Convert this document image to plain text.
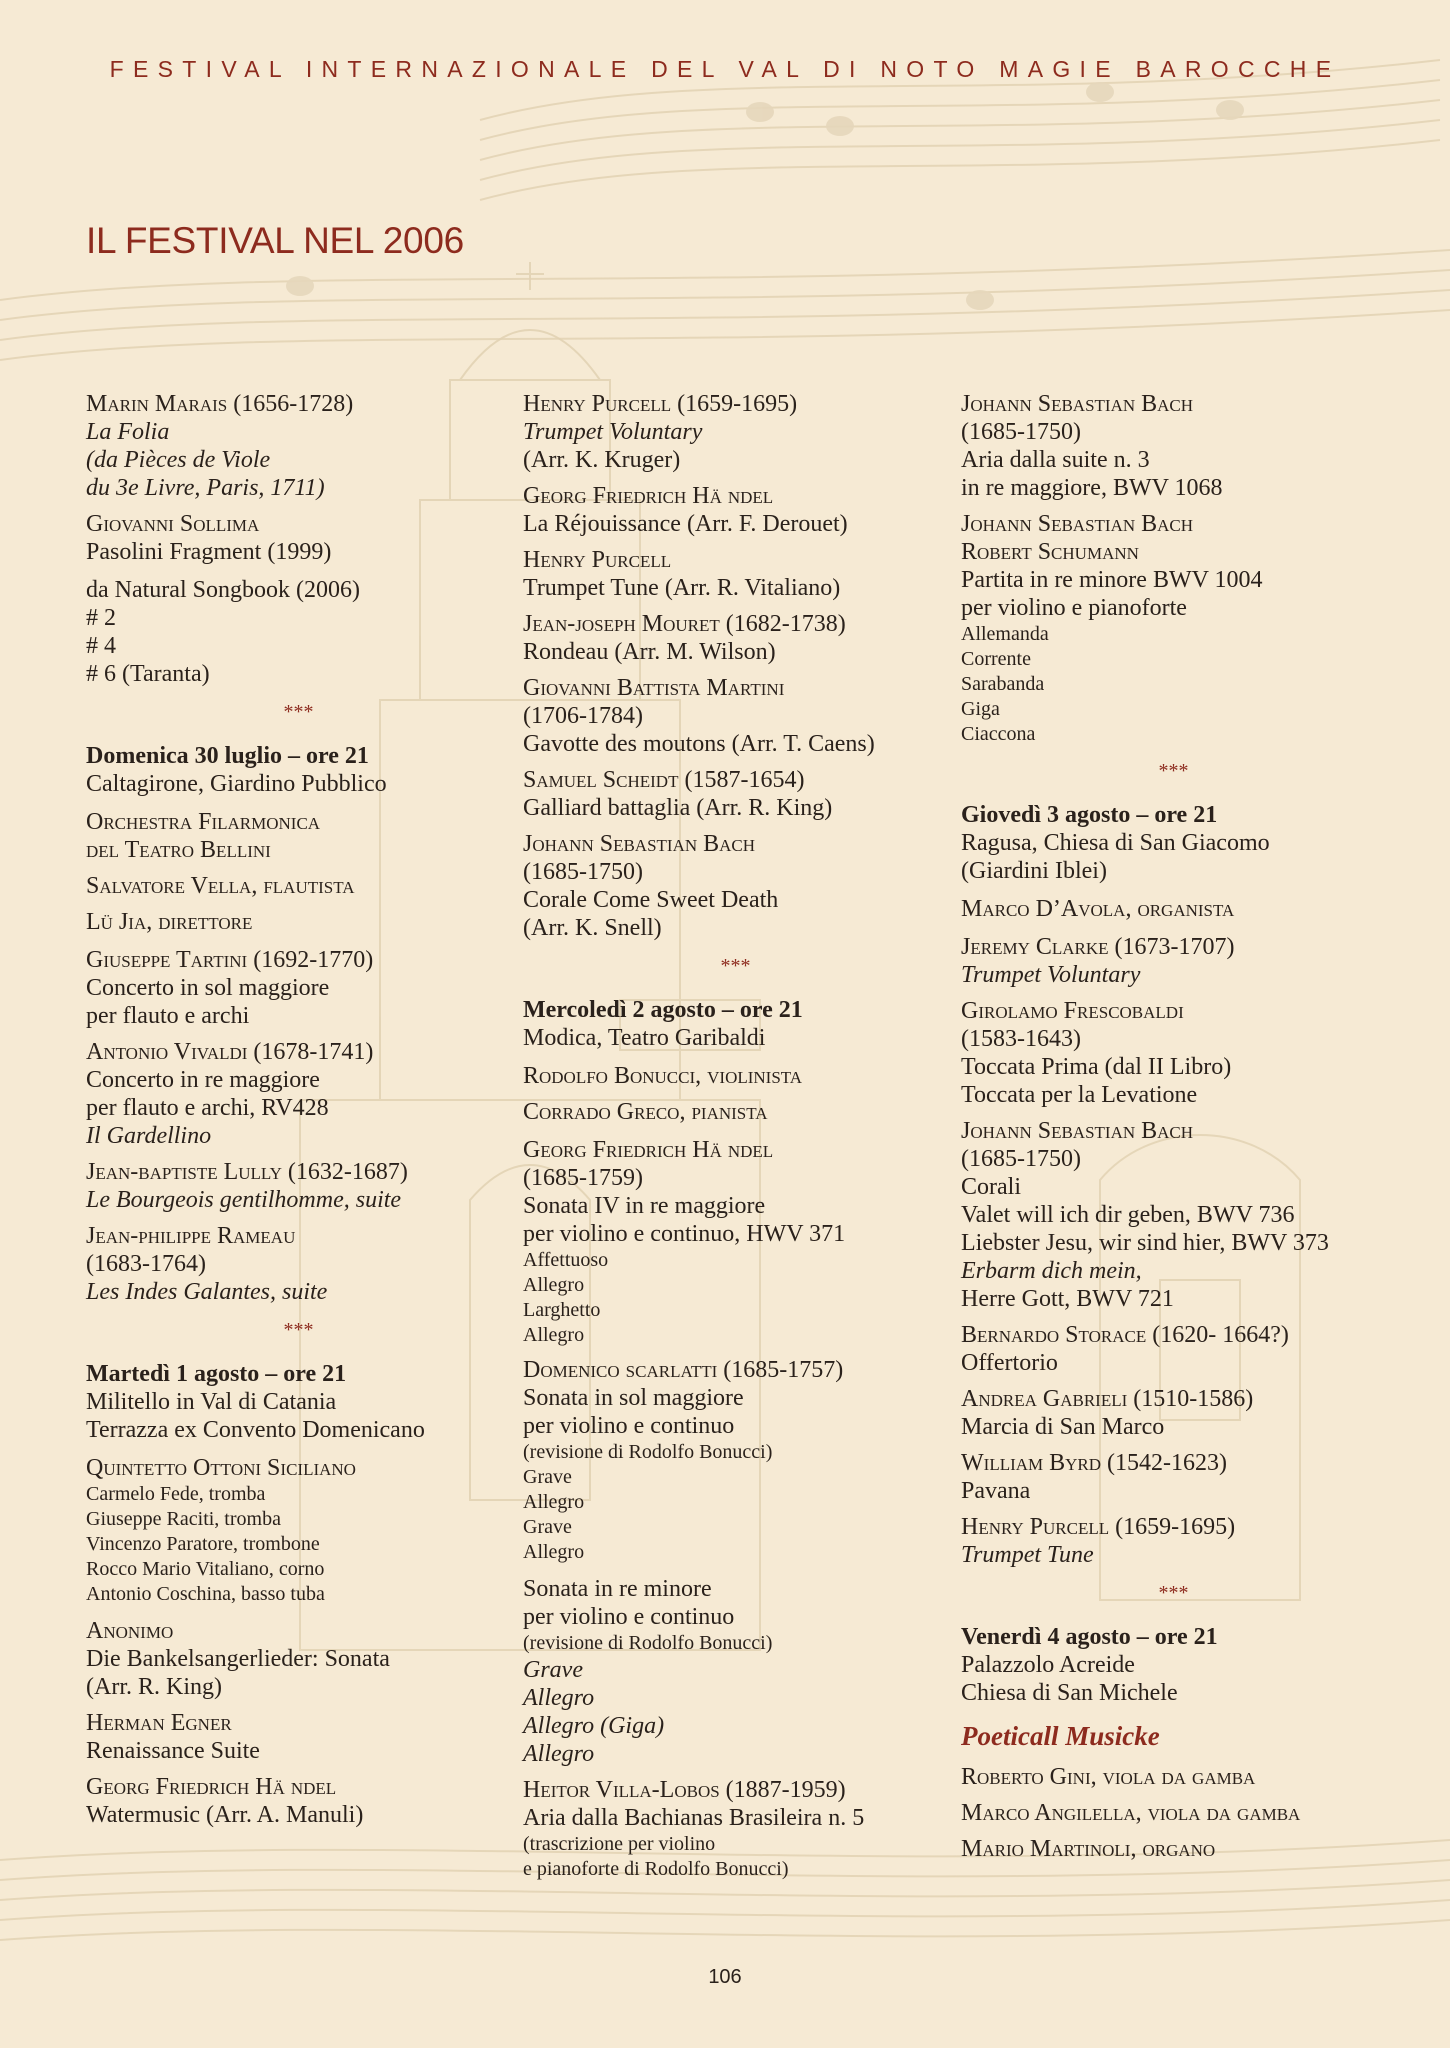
FESTIVAL INTERNAZIONALE DEL VAL DI NOTO MAGIE BAROCCHE
IL FESTIVAL NEL 2006
Marin Marais (1656-1728)
La Folia
(da Pièces de Viole
du 3e Livre, Paris, 1711)
Giovanni Sollima
Pasolini Fragment (1999)
da Natural Songbook (2006)
# 2
# 4
# 6 (Taranta)
***
Domenica 30 luglio – ore 21
Caltagirone, Giardino Pubblico
Orchestra Filarmonica
del Teatro Bellini
Salvatore Vella, flautista
Lü Jia, direttore
Giuseppe Tartini (1692-1770)
Concerto in sol maggiore
per flauto e archi
Antonio Vivaldi (1678-1741)
Concerto in re maggiore
per flauto e archi, RV428
Il Gardellino
Jean-baptiste Lully (1632-1687)
Le Bourgeois gentilhomme, suite
Jean-philippe Rameau
(1683-1764)
Les Indes Galantes, suite
***
Martedì 1 agosto – ore 21
Militello in Val di Catania
Terrazza ex Convento Domenicano
Quintetto Ottoni Siciliano
Carmelo Fede, tromba
Giuseppe Raciti, tromba
Vincenzo Paratore, trombone
Rocco Mario Vitaliano, corno
Antonio Coschina, basso tuba
Anonimo
Die Bankelsangerlieder: Sonata
(Arr. R. King)
Herman Egner
Renaissance Suite
Georg Friedrich Hä ndel
Watermusic (Arr. A. Manuli)
Henry Purcell (1659-1695)
Trumpet Voluntary
(Arr. K. Kruger)
Georg Friedrich Hä ndel
La Réjouissance (Arr. F. Derouet)
Henry Purcell
Trumpet Tune (Arr. R. Vitaliano)
Jean-joseph Mouret (1682-1738)
Rondeau (Arr. M. Wilson)
Giovanni Battista Martini
(1706-1784)
Gavotte des moutons (Arr. T. Caens)
Samuel Scheidt (1587-1654)
Galliard battaglia (Arr. R. King)
Johann Sebastian Bach
(1685-1750)
Corale Come Sweet Death
(Arr. K. Snell)
***
Mercoledì 2 agosto – ore 21
Modica, Teatro Garibaldi
Rodolfo Bonucci, violinista
Corrado Greco, pianista
Georg Friedrich Hä ndel
(1685-1759)
Sonata IV in re maggiore
per violino e continuo, HWV 371
Affettuoso
Allegro
Larghetto
Allegro
Domenico scarlatti (1685-1757)
Sonata in sol maggiore
per violino e continuo
(revisione di Rodolfo Bonucci)
Grave
Allegro
Grave
Allegro
Sonata in re minore
per violino e continuo
(revisione di Rodolfo Bonucci)
Grave
Allegro
Allegro (Giga)
Allegro
Heitor Villa-Lobos (1887-1959)
Aria dalla Bachianas Brasileira n. 5
(trascrizione per violino
e pianoforte di Rodolfo Bonucci)
Johann Sebastian Bach
(1685-1750)
Aria dalla suite n. 3
in re maggiore, BWV 1068
Johann Sebastian Bach
Robert Schumann
Partita in re minore BWV 1004
per violino e pianoforte
Allemanda
Corrente
Sarabanda
Giga
Ciaccona
***
Giovedì 3 agosto – ore 21
Ragusa, Chiesa di San Giacomo
(Giardini Iblei)
Marco D’Avola, organista
Jeremy Clarke (1673-1707)
Trumpet Voluntary
Girolamo Frescobaldi
(1583-1643)
Toccata Prima (dal II Libro)
Toccata per la Levatione
Johann Sebastian Bach
(1685-1750)
Corali
Valet will ich dir geben, BWV 736
Liebster Jesu, wir sind hier, BWV 373
Erbarm dich mein,
Herre Gott, BWV 721
Bernardo Storace (1620- 1664?)
Offertorio
Andrea Gabrieli (1510-1586)
Marcia di San Marco
William Byrd (1542-1623)
Pavana
Henry Purcell (1659-1695)
Trumpet Tune
***
Venerdì 4 agosto – ore 21
Palazzolo Acreide
Chiesa di San Michele
Poeticall Musicke
Roberto Gini, viola da gamba
Marco Angilella, viola da gamba
Mario Martinoli, organo
106
